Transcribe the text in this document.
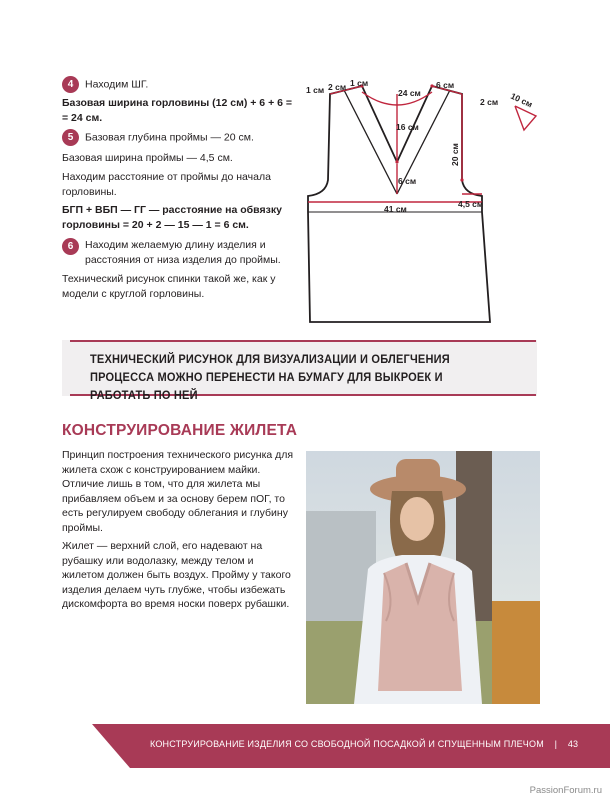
4 Находим ШГ.
Базовая ширина горловины (12 см) + 6 + 6 = = 24 см.
5 Базовая глубина проймы — 20 см.
Базовая ширина проймы — 4,5 см.
Находим расстояние от проймы до начала горловины.
БГП + ВБП — ГГ — расстояние на обвязку горловины = 20 + 2 — 15 — 1 = 6 см.
6	Находим желаемую длину изделия и расстояния от низа изделия до проймы.
Технический рисунок спинки такой же, как у модели с круглой горловины.
1 см 2 см 1 см
24 см
6 см
16 см
20 см
6 см
41 см	4,5 см
2 см 10 см
ТЕХНИЧЕСКИЙ РИСУНОК ДЛЯ ВИЗУАЛИЗАЦИИ И ОБЛЕГЧЕНИЯ ПРОЦЕССА МОЖНО ПЕРЕНЕСТИ НА БУМАГУ ДЛЯ ВЫКРОЕК И РАБОТАТЬ ПО НЕЙ
КОНСТРУИРОВАНИЕ ЖИЛЕТА
Принцип построения технического рисунка для жилета схож с конструированием майки. Отличие лишь в том, что для жилета мы прибавляем объем и за основу берем пОГ, то есть регулируем свободу облегания и глубину проймы.
Жилет — верхний слой, его надевают на рубашку или водолазку, между телом и жилетом должен быть воздух. Пройму у такого изделия делаем чуть глубже, чтобы избежать дискомфорта во время носки поверх рубашки.
КОНСТРУИРОВАНИЕ ИЗДЕЛИЯ СО СВОБОДНОЙ ПОСАДКОЙ И СПУЩЕННЫМ ПЛЕЧОМ | 43
PassionForum.ru
